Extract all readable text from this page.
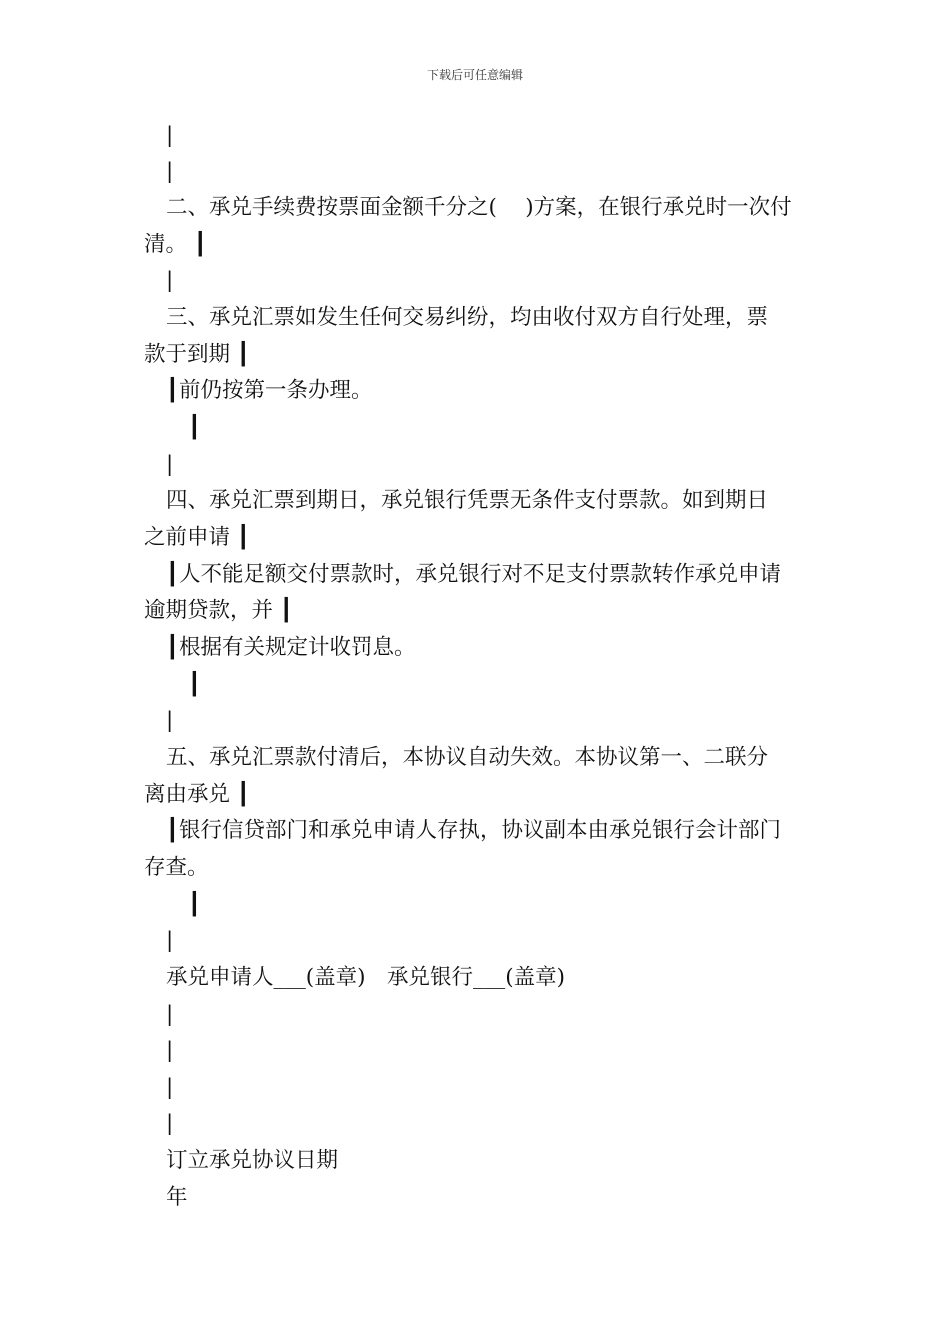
下载后可任意编辑
|
|
二、承兑手续费按票面金额千分之(　 )方案，在银行承兑时一次付
清。 ┃
|
三、承兑汇票如发生任何交易纠纷，均由收付双方自行处理，票
款于到期 ┃
┃前仍按第一条办理。
┃
|
四、承兑汇票到期日，承兑银行凭票无条件支付票款。如到期日
之前申请 ┃
┃人不能足额交付票款时，承兑银行对不足支付票款转作承兑申请
逾期贷款，并 ┃
┃根据有关规定计收罚息。
┃
|
五、承兑汇票款付清后，本协议自动失效。本协议第一、二联分
离由承兑 ┃
┃银行信贷部门和承兑申请人存执，协议副本由承兑银行会计部门
存查。
┃
|
承兑申请人___(盖章)　承兑银行___(盖章)
|
|
|
|
订立承兑协议日期
年
